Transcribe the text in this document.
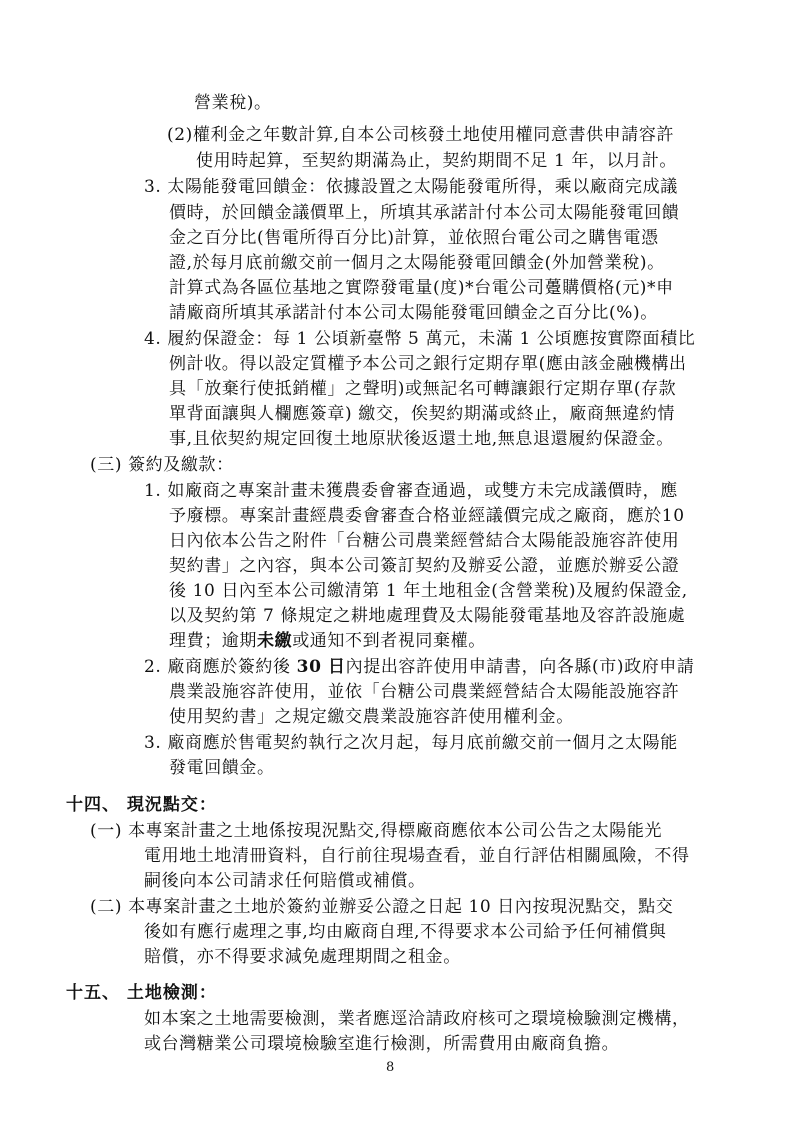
營業稅)。
(2)權利金之年數計算,自本公司核發土地使用權同意書供申請容許
使用時起算，至契約期滿為止，契約期間不足 1 年，以月計。
3. 太陽能發電回饋金：依據設置之太陽能發電所得，乘以廠商完成議
價時，於回饋金議價單上，所填其承諾計付本公司太陽能發電回饋
金之百分比(售電所得百分比)計算，並依照台電公司之購售電憑
證,於每月底前繳交前一個月之太陽能發電回饋金(外加營業稅)。
計算式為各區位基地之實際發電量(度)*台電公司躉購價格(元)*申
請廠商所填其承諾計付本公司太陽能發電回饋金之百分比(%)。
4. 履約保證金：每 1 公頃新臺幣 5 萬元，未滿 1 公頃應按實際面積比
例計收。得以設定質權予本公司之銀行定期存單(應由該金融機構出
具「放棄行使抵銷權」之聲明)或無記名可轉讓銀行定期存單(存款
單背面讓與人欄應簽章) 繳交，俟契約期滿或終止，廠商無違約情
事,且依契約規定回復土地原狀後返還土地,無息退還履約保證金。
(三) 簽約及繳款：
1. 如廠商之專案計畫未獲農委會審查通過，或雙方未完成議價時，應
予廢標。專案計畫經農委會審查合格並經議價完成之廠商，應於10
日內依本公告之附件「台糖公司農業經營結合太陽能設施容許使用
契約書」之內容，與本公司簽訂契約及辦妥公證，並應於辦妥公證
後 10 日內至本公司繳清第 1 年土地租金(含營業稅)及履約保證金,
以及契約第 7 條規定之耕地處理費及太陽能發電基地及容許設施處
理費；逾期未繳或通知不到者視同棄權。
2. 廠商應於簽約後 30 日內提出容許使用申請書，向各縣(市)政府申請
農業設施容許使用，並依「台糖公司農業經營結合太陽能設施容許
使用契約書」之規定繳交農業設施容許使用權利金。
3. 廠商應於售電契約執行之次月起，每月底前繳交前一個月之太陽能
發電回饋金。
十四、 現況點交：
(一) 本專案計畫之土地係按現況點交,得標廠商應依本公司公告之太陽能光
電用地土地清冊資料，自行前往現場查看，並自行評估相關風險，不得
嗣後向本公司請求任何賠償或補償。
(二) 本專案計畫之土地於簽約並辦妥公證之日起 10 日內按現況點交，點交
後如有應行處理之事,均由廠商自理,不得要求本公司給予任何補償與
賠償，亦不得要求減免處理期間之租金。
十五、 土地檢測：
如本案之土地需要檢測，業者應逕洽請政府核可之環境檢驗測定機構，
或台灣糖業公司環境檢驗室進行檢測，所需費用由廠商負擔。
8
